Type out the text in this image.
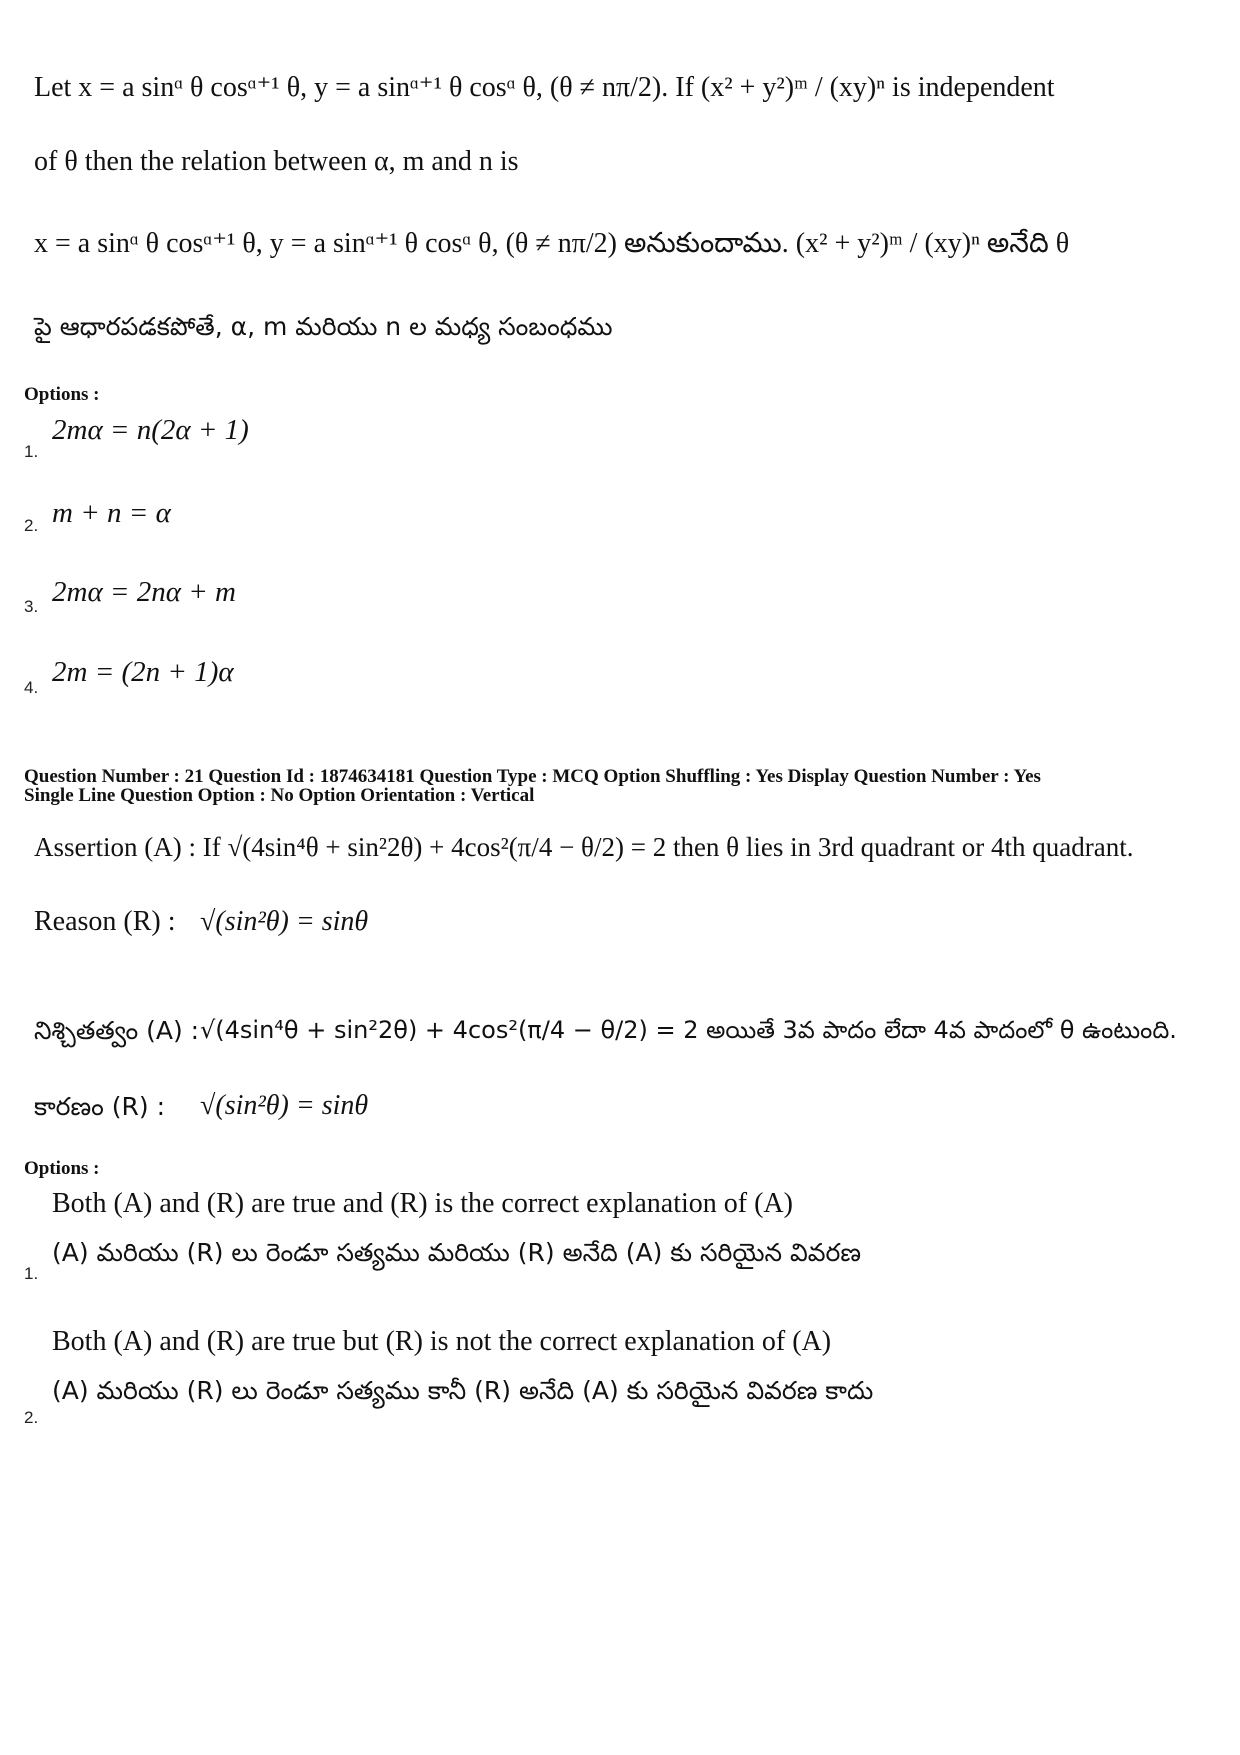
Let x = a sinᵅ θ cosᵅ⁺¹ θ, y = a sinᵅ⁺¹ θ cosᵅ θ, (θ ≠ nπ/2). If (x² + y²)ᵐ / (xy)ⁿ is independent
of θ then the relation between α, m and n is
x = a sinᵅ θ cosᵅ⁺¹ θ, y = a sinᵅ⁺¹ θ cosᵅ θ, (θ ≠ nπ/2) అనుకుందాము. (x² + y²)ᵐ / (xy)ⁿ అనేది θ
పై ఆధారపడకపోతే, α, m మరియు n ల మధ్య సంబంధము
Options :
2mα = n(2α + 1)
1.
m + n = α
2.
2mα = 2nα + m
3.
2m = (2n + 1)α
4.
Question Number : 21 Question Id : 1874634181 Question Type : MCQ Option Shuffling : Yes Display Question Number : Yes
Single Line Question Option : No Option Orientation : Vertical
Assertion (A) : If √(4sin⁴θ + sin²2θ) + 4cos²(π/4 − θ/2) = 2 then θ lies in 3rd quadrant or 4th quadrant.
Reason (R) : √(sin²θ) = sinθ
నిశ్చితత్వం (A) : √(4sin⁴θ + sin²2θ) + 4cos²(π/4 − θ/2) = 2 అయితే 3వ పాదం లేదా 4వ పాదంలో θ ఉంటుంది.
కారణం (R) : √(sin²θ) = sinθ
Options :
Both (A) and (R) are true and (R) is the correct explanation of (A)
(A) మరియు (R) లు రెండూ సత్యము మరియు (R) అనేది (A) కు సరియైన వివరణ
1.
Both (A) and (R) are true but (R) is not the correct explanation of (A)
(A) మరియు (R) లు రెండూ సత్యము కానీ (R) అనేది (A) కు సరియైన వివరణ కాదు
2.
